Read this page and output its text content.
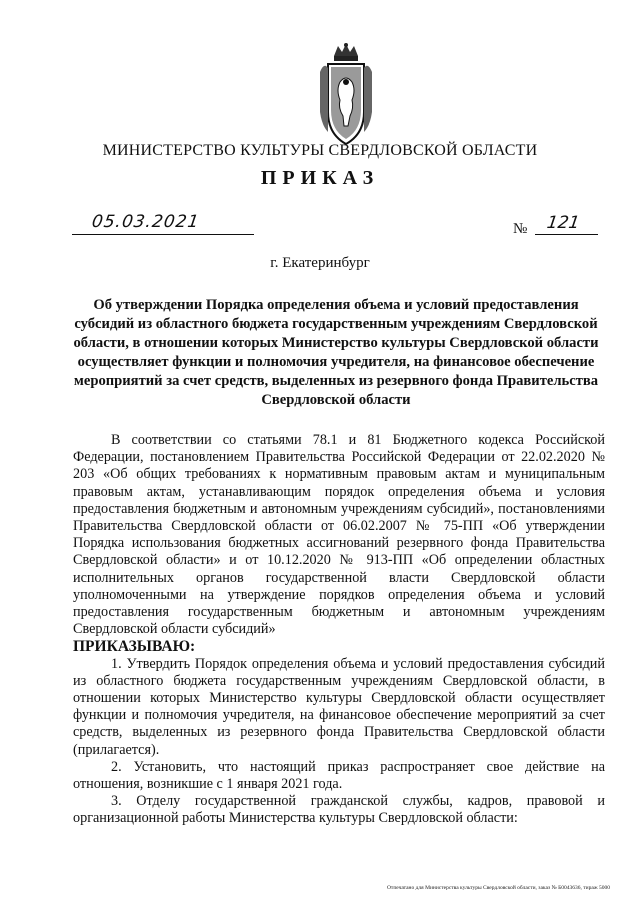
МИНИСТЕРСТВО КУЛЬТУРЫ СВЕРДЛОВСКОЙ ОБЛАСТИ
ПРИКАЗ
05.03.2021	№ 121
г. Екатеринбург
Об утверждении Порядка определения объема и условий предоставления субсидий из областного бюджета государственным учреждениям Свердловской области, в отношении которых Министерство культуры Свердловской области осуществляет функции и полномочия учредителя, на финансовое обеспечение мероприятий за счет средств, выделенных из резервного фонда Правительства Свердловской области

В соответствии со статьями 78.1 и 81 Бюджетного кодекса Российской Федерации, постановлением Правительства Российской Федерации от 22.02.2020 № 203 «Об общих требованиях к нормативным правовым актам и муниципальным правовым актам, устанавливающим порядок определения объема и условия предоставления бюджетным и автономным учреждениям субсидий», постановлениями Правительства Свердловской области от 06.02.2007 № 75-ПП «Об утверждении Порядка использования бюджетных ассигнований резервного фонда Правительства Свердловской области» и от 10.12.2020 № 913-ПП «Об определении областных исполнительных органов государственной власти Свердловской области уполномоченными на утверждение порядков определения объема и условий предоставления государственным бюджетным и автономным учреждениям Свердловской области субсидий»

ПРИКАЗЫВАЮ:

1. Утвердить Порядок определения объема и условий предоставления субсидий из областного бюджета государственным учреждениям Свердловской области, в отношении которых Министерство культуры Свердловской области осуществляет функции и полномочия учредителя, на финансовое обеспечение мероприятий за счет средств, выделенных из резервного фонда Правительства Свердловской области (прилагается).

2. Установить, что настоящий приказ распространяет свое действие на отношения, возникшие с 1 января 2021 года.

3. Отделу государственной гражданской службы, кадров, правовой и организационной работы Министерства культуры Свердловской области:

Отпечатано для Министерства культуры Свердловской области, заказ № Б0043636, тираж 5000
